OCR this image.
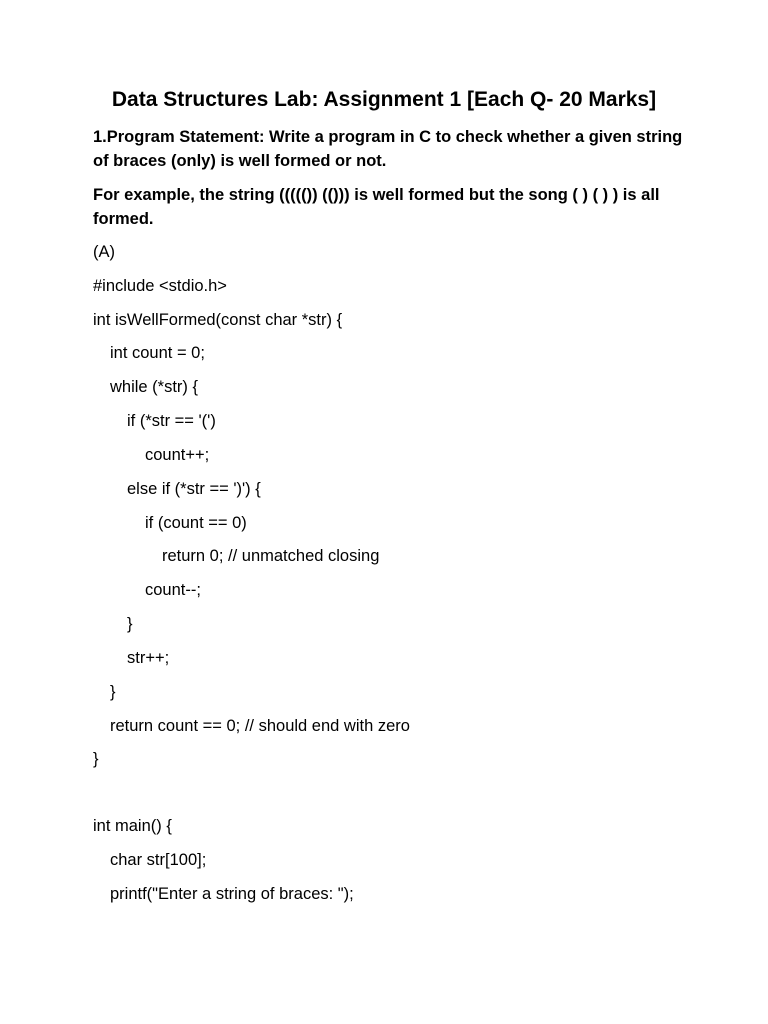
Data Structures Lab: Assignment 1 [Each Q- 20 Marks]
1.Program Statement: Write a program in C to check whether a given string of braces (only) is well formed or not.
For example, the string ((((()) (())) is well formed but the song ( ) ( ) ) is all formed.
(A)
#include <stdio.h>
int isWellFormed(const char *str) {
int count = 0;
while (*str) {
if (*str == '(')
count++;
else if (*str == ')') {
if (count == 0)
return 0; // unmatched closing
count--;
}
str++;
}
return count == 0; // should end with zero
}
int main() {
char str[100];
printf("Enter a string of braces: ");
